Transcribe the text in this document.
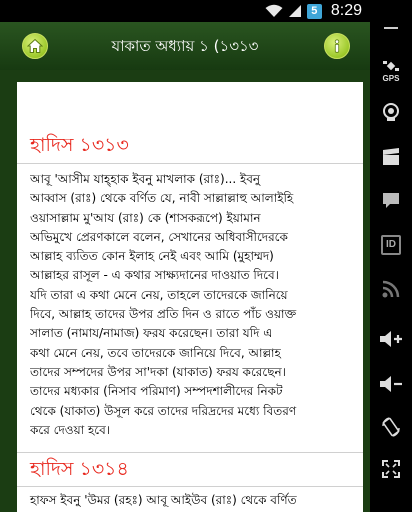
5 8:29
যাকাত অধ্যায় ১ (১৩১৩
হাদিস ১৩১৩
আবূ 'আসীম যাহ্হাক ইবনু মাখলাক (রাঃ)... ইবনু
আব্বাস (রাঃ) থেকে বর্ণিত যে, নাবী সাল্লাল্লাহু আলাইহি
ওয়াসাল্লাম মু'আয (রাঃ) কে (শাসকরূপে) ইয়ামান
অভিমুখে প্রেরণকালে বলেন, সেখানের অধিবাসীদেরকে
আল্লাহ ব্যতিত কোন ইলাহ নেই এবং আমি (মুহাম্মদ)
আল্লাহর রাসূল - এ কথার সাক্ষ্যদানের দাওয়াত দিবে।
যদি তারা এ কথা মেনে নেয়, তাহলে তাদেরকে জানিয়ে
দিবে, আল্লাহ তাদের উপর প্রতি দিন ও রাতে পাঁচ ওয়াক্ত
সালাত (নামায/নামাজ) ফরয করেছেন। তারা যদি এ
কথা মেনে নেয়, তবে তাদেরকে জানিয়ে দিবে, আল্লাহ
তাদের সম্পদের উপর সা'দকা (যাকাত) ফরয করেছেন।
তাদের মধ্যকার (নিসাব পরিমাণ) সম্পদশালীদের নিকট
থেকে (যাকাত) উসূল করে তাদের দরিদ্রদের মধ্যে বিতরণ
করে দেওয়া হবে।
হাদিস ১৩১৪
হাফস ইবনু 'উমর (রহঃ) আবূ আইউব (রাঃ) থেকে বর্ণিত
GPS
ID
